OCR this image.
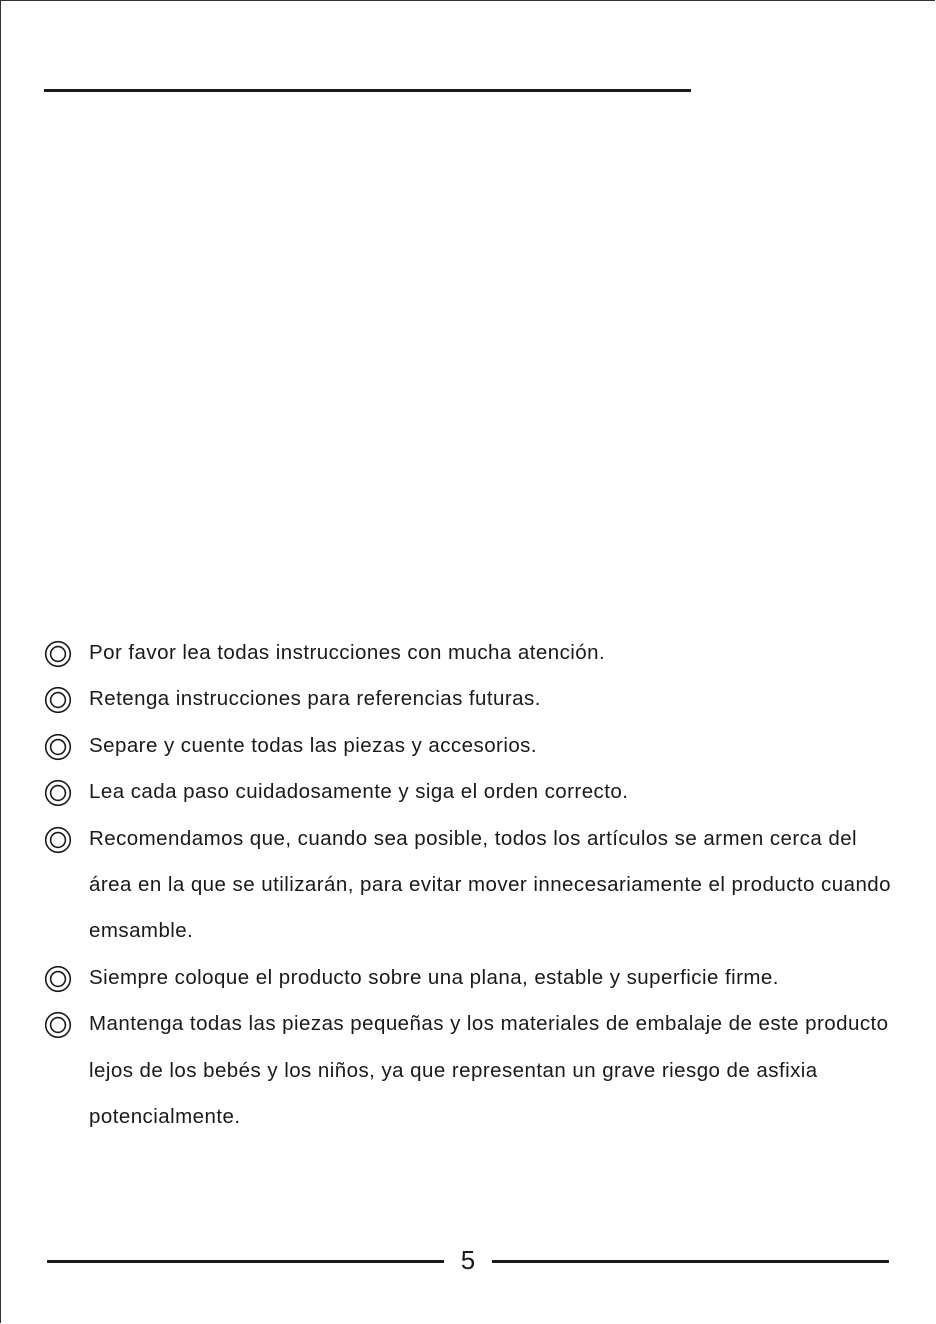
Por favor lea todas instrucciones con mucha atención.
Retenga instrucciones para referencias futuras.
Separe y cuente todas las piezas y accesorios.
Lea cada paso cuidadosamente y siga el orden correcto.
Recomendamos que, cuando sea posible, todos los artículos se armen cerca del área en la que se utilizarán, para evitar mover innecesariamente el producto cuando emsamble.
Siempre coloque el producto sobre una plana, estable y superficie firme.
Mantenga todas las piezas pequeñas y los materiales de embalaje de este producto lejos de los bebés y los niños, ya que representan un grave riesgo de asfixia potencialmente.
5
